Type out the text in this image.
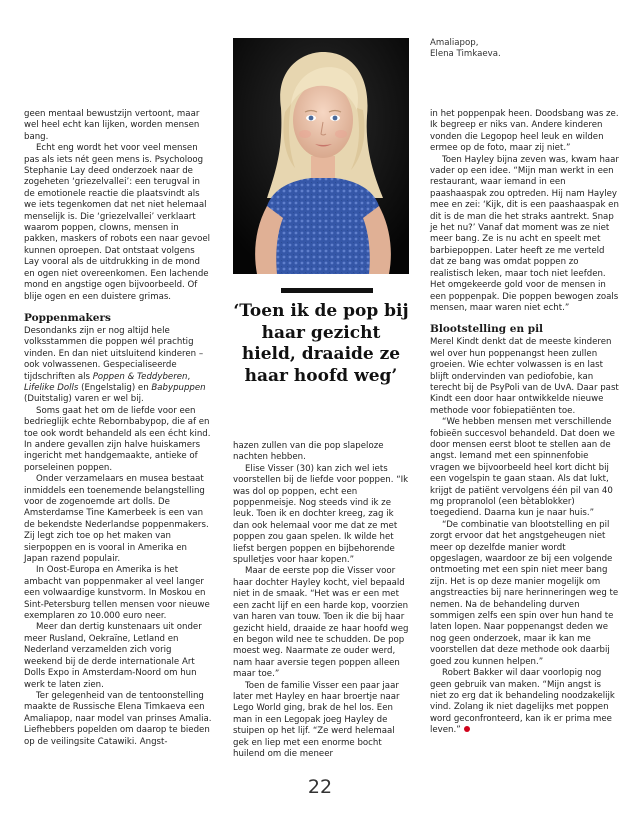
Amaliapop,
Elena Timkaeva.
‘Toen ik de pop bij haar gezicht hield, draaide ze haar hoofd weg’

geen mentaal bewustzijn vertoont, maar wel heel echt kan lijken, worden mensen bang.

Echt eng wordt het voor veel mensen pas als iets nét geen mens is. Psycholoog Stephanie Lay deed onderzoek naar de zogeheten ‘griezelvallei’: een terugval in de emotionele reactie die plaatsvindt als we iets tegenkomen dat net niet helemaal menselijk is. Die ‘griezelvallei’ verklaart waarom poppen, clowns, mensen in pakken, maskers of robots een naar gevoel kunnen oproepen. Dat ontstaat volgens Lay vooral als de uitdrukking in de mond en ogen niet overeenkomen. Een lachende mond en angstige ogen bijvoorbeeld. Of blije ogen en een duistere grimas.

Poppenmakers

Desondanks zijn er nog altijd hele volksstammen die poppen wél prachtig vinden. En dan niet uitsluitend kinderen –ook volwassenen. Gespecialiseerde tijdschriften als Poppen & Teddyberen, Lifelike Dolls (Engelstalig) en Babypuppen (Duitstalig) varen er wel bij.

Soms gaat het om de liefde voor een bedrieglijk echte Rebornbabypop, die af en toe ook wordt behandeld als een écht kind. In andere gevallen zijn halve huiskamers ingericht met handgemaakte, antieke of porseleinen poppen.

Onder verzamelaars en musea bestaat inmiddels een toenemende belangstelling voor de zogenoemde art dolls. De Amsterdamse Tine Kamerbeek is een van de bekendste Nederlandse poppenmakers. Zij legt zich toe op het maken van sierpoppen en is vooral in Amerika en Japan razend populair.

In Oost-Europa en Amerika is het ambacht van poppenmaker al veel langer een volwaardige kunstvorm. In Moskou en Sint-Petersburg tellen mensen voor nieuwe exemplaren zo 10.000 euro neer.

Meer dan dertig kunstenaars uit onder meer Rusland, Oekraïne, Letland en Nederland verzamelden zich vorig weekend bij de derde internationale Art Dolls Expo in Amsterdam-Noord om hun werk te laten zien.

Ter gelegenheid van de tentoonstelling maakte de Russische Elena Timkaeva een Amaliapop, naar model van prinses Amalia. Liefhebbers popelden om daarop te bieden op de veilingsite Catawiki. Angst-

hazen zullen van die pop slapeloze nachten hebben.

Elise Visser (30) kan zich wel iets voorstellen bij de liefde voor poppen. “Ik was dol op poppen, echt een poppenmeisje. Nog steeds vind ik ze leuk. Toen ik en dochter kreeg, zag ik dan ook helemaal voor me dat ze met poppen zou gaan spelen. Ik wilde het liefst bergen poppen en bijbehorende spulletjes voor haar kopen.”

Maar de eerste pop die Visser voor haar dochter Hayley kocht, viel bepaald niet in de smaak. “Het was er een met een zacht lijf en een harde kop, voorzien van haren van touw. Toen ik die bij haar gezicht hield, draaide ze haar hoofd weg en begon wild nee te schudden. De pop moest weg. Naarmate ze ouder werd, nam haar aversie tegen poppen alleen maar toe.”

Toen de familie Visser een paar jaar later met Hayley en haar broertje naar Lego World ging, brak de hel los. Een man in een Legopak joeg Hayley de stuipen op het lijf. “Ze werd helemaal gek en liep met een enorme bocht huilend om die meneer

in het poppenpak heen. Doodsbang was ze. Ik begreep er niks van. Andere kinderen vonden die Legopop heel leuk en wilden ermee op de foto, maar zij niet.”

Toen Hayley bijna zeven was, kwam haar vader op een idee. “Mijn man werkt in een restaurant, waar iemand in een paashaaspak zou optreden. Hij nam Hayley mee en zei: ‘Kijk, dit is een paashaaspak en dit is de man die het straks aantrekt. Snap je het nu?’ Vanaf dat moment was ze niet meer bang. Ze is nu acht en speelt met barbiepoppen. Later heeft ze me verteld dat ze bang was omdat poppen zo realistisch leken, maar toch niet leefden. Het omgekeerde gold voor de mensen in een poppenpak. Die poppen bewogen zoals mensen, maar waren niet echt.”

Blootstelling en pil

Merel Kindt denkt dat de meeste kinderen wel over hun poppenangst heen zullen groeien. Wie echter volwassen is en last blijft ondervinden van pediofobie, kan terecht bij de PsyPoli van de UvA. Daar past Kindt een door haar ontwikkelde nieuwe methode voor fobiepatiënten toe.

“We hebben mensen met verschillende fobieën succesvol behandeld. Dat doen we door mensen eerst bloot te stellen aan de angst. Iemand met een spinnenfobie vragen we bijvoorbeeld heel kort dicht bij een vogelspin te gaan staan. Als dat lukt, krijgt de patiënt vervolgens één pil van 40 mg propranolol (een bètablokker) toegediend. Daarna kun je naar huis.”

“De combinatie van blootstelling en pil zorgt ervoor dat het angstgeheugen niet meer op dezelfde manier wordt opgeslagen, waardoor ze bij een volgende ontmoeting met een spin niet meer bang zijn. Het is op deze manier mogelijk om angstreacties bij nare herinneringen weg te nemen. Na de behandeling durven sommigen zelfs een spin over hun hand te laten lopen. Naar poppenangst deden we nog geen onderzoek, maar ik kan me voorstellen dat deze methode ook daarbij goed zou kunnen helpen.”

Robert Bakker wil daar voorlopig nog geen gebruik van maken. “Mijn angst is niet zo erg dat ik behandeling noodzakelijk vind. Zolang ik niet dagelijks met poppen word geconfronteerd, kan ik er prima mee leven.”

22
